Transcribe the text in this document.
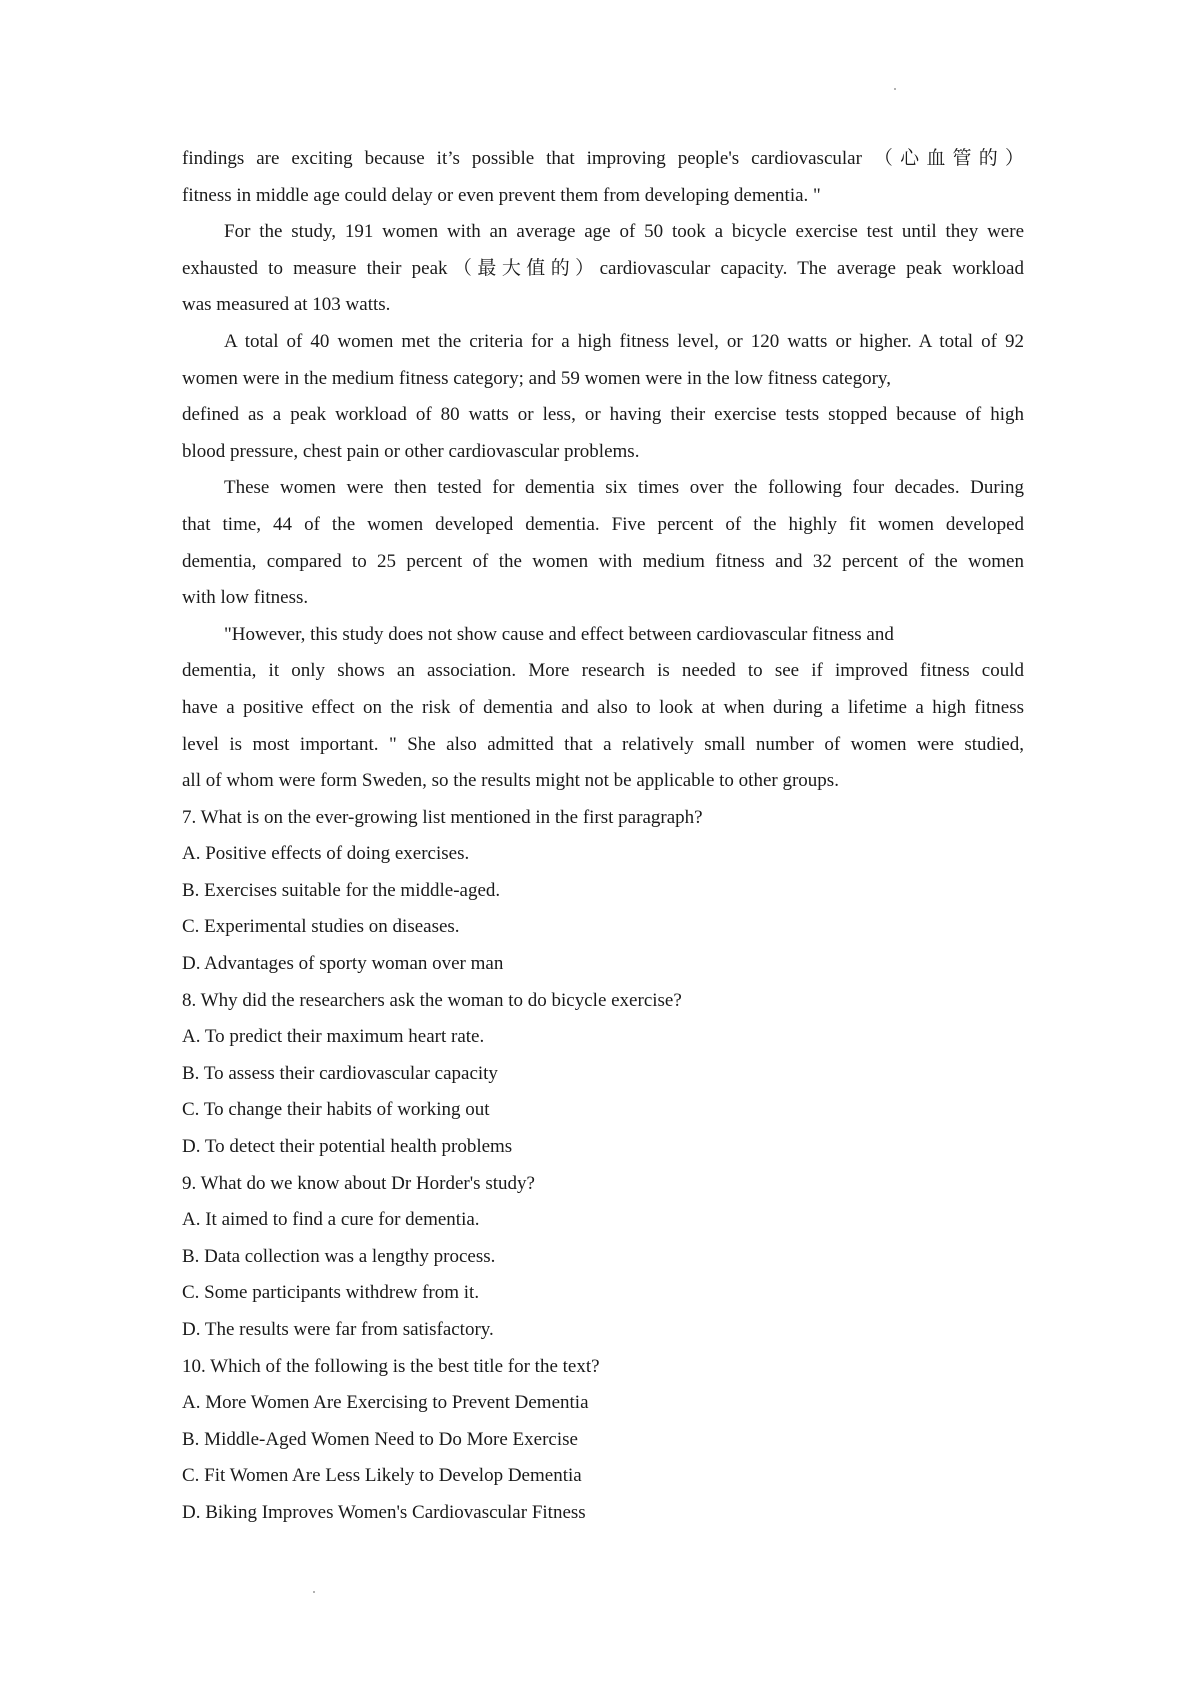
findings are exciting because it’s possible that improving people's cardiovascular （心血管的）
fitness in middle age could delay or even prevent them from developing dementia. "
For the study, 191 women with an average age of 50 took a bicycle exercise test until they were
exhausted to measure their peak（最大值的）cardiovascular capacity. The average peak workload
was measured at 103 watts.
A total of 40 women met the criteria for a high fitness level, or 120 watts or higher. A total of 92
women were in the medium fitness category; and 59 women were in the low fitness category,
defined as a peak workload of 80 watts or less, or having their exercise tests stopped because of high
blood pressure, chest pain or other cardiovascular problems.
These women were then tested for dementia six times over the following four decades. During
that time, 44 of the women developed dementia. Five percent of the highly fit women developed
dementia, compared to 25 percent of the women with medium fitness and 32 percent of the women
with low fitness.
"However, this study does not show cause and effect between cardiovascular fitness and
dementia, it only shows an association. More research is needed to see if improved fitness could
have a positive effect on the risk of dementia and also to look at when during a lifetime a high fitness
level is most important. " She also admitted that a relatively small number of women were studied,
all of whom were form Sweden, so the results might not be applicable to other groups.
7. What is on the ever-growing list mentioned in the first paragraph?
A. Positive effects of doing exercises.
B. Exercises suitable for the middle-aged.
C. Experimental studies on diseases.
D. Advantages of sporty woman over man
8. Why did the researchers ask the woman to do bicycle exercise?
A. To predict their maximum heart rate.
B. To assess their cardiovascular capacity
C. To change their habits of working out
D. To detect their potential health problems
9. What do we know about Dr Horder's study?
A. It aimed to find a cure for dementia.
B. Data collection was a lengthy process.
C. Some participants withdrew from it.
D. The results were far from satisfactory.
10. Which of the following is the best title for the text?
A. More Women Are Exercising to Prevent Dementia
B. Middle-Aged Women Need to Do More Exercise
C. Fit Women Are Less Likely to Develop Dementia
D. Biking Improves Women's Cardiovascular Fitness
